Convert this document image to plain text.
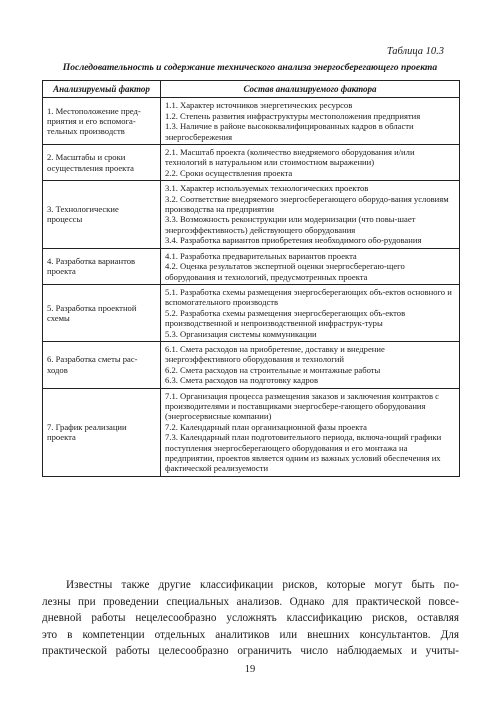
Таблица 10.3
Последовательность и содержание технического анализа энергосберегающего проекта
Анализируемый фактор	Состав анализируемого фактора
1. Местоположение пред-приятия и его вспомога-тельных производств	1.1. Характер источников энергетических ресурсов
1.2. Степень развития инфраструктуры местоположения предприятия
1.3. Наличие в районе высококвалифицированных кадров в области энергосбережения

2. Масштабы и сроки осуществления проекта	2.1. Масштаб проекта (количество внедряемого оборудования и/или технологий в натуральном или стоимостном выражении)
2.2. Сроки осуществления проекта

3. Технологические процессы	3.1. Характер используемых технологических проектов
3.2. Соответствие внедряемого энергосберегающего оборудо-вания условиям производства на предприятии
3.3. Возможность реконструкции или модернизации (что повы-шает энергоэффективность) действующего оборудования
3.4. Разработка вариантов приобретения необходимого обо-рудования

4. Разработка вариантов проекта	4.1. Разработка предварительных вариантов проекта
4.2. Оценка результатов экспертной оценки энергосберегаю-щего оборудования и технологий, предусмотренных проекта

5. Разработка проектной схемы	5.1. Разработка схемы размещения энергосберегающих объ-ектов основного и вспомогательного производств
5.2. Разработка схемы размещения энергосберегающих объ-ектов производственной и непроизводственной инфраструк-туры
5.3. Организация системы коммуникации

6. Разработка сметы рас-ходов	6.1. Смета расходов на приобретение, доставку и внедрение энергоэффективного оборудования и технологий
6.2. Смета расходов на строительные и монтажные работы
6.3. Смета расходов на подготовку кадров

7. График реализации проекта	7.1. Организация процесса размещения заказов и заключения контрактов с производителями и поставщиками энергосбере-гающего оборудования (энергосервисные компании)
7.2. Календарный план организационной фазы проекта
7.3. Календарный план подготовительного периода, включа-ющий графики поступления энергосберегающего оборудования и его монтажа на предприятии, проектов является одним из важных условий обеспечения их фактической реализуемости
Известны также другие классификации рисков, которые могут быть по-
лезны при проведении специальных анализов. Однако для практической повсе-
дневной работы нецелесообразно усложнять классификацию рисков, оставляя
это в компетенции отдельных аналитиков или внешних консультантов. Для
практической работы целесообразно ограничить число наблюдаемых и учиты-
19
